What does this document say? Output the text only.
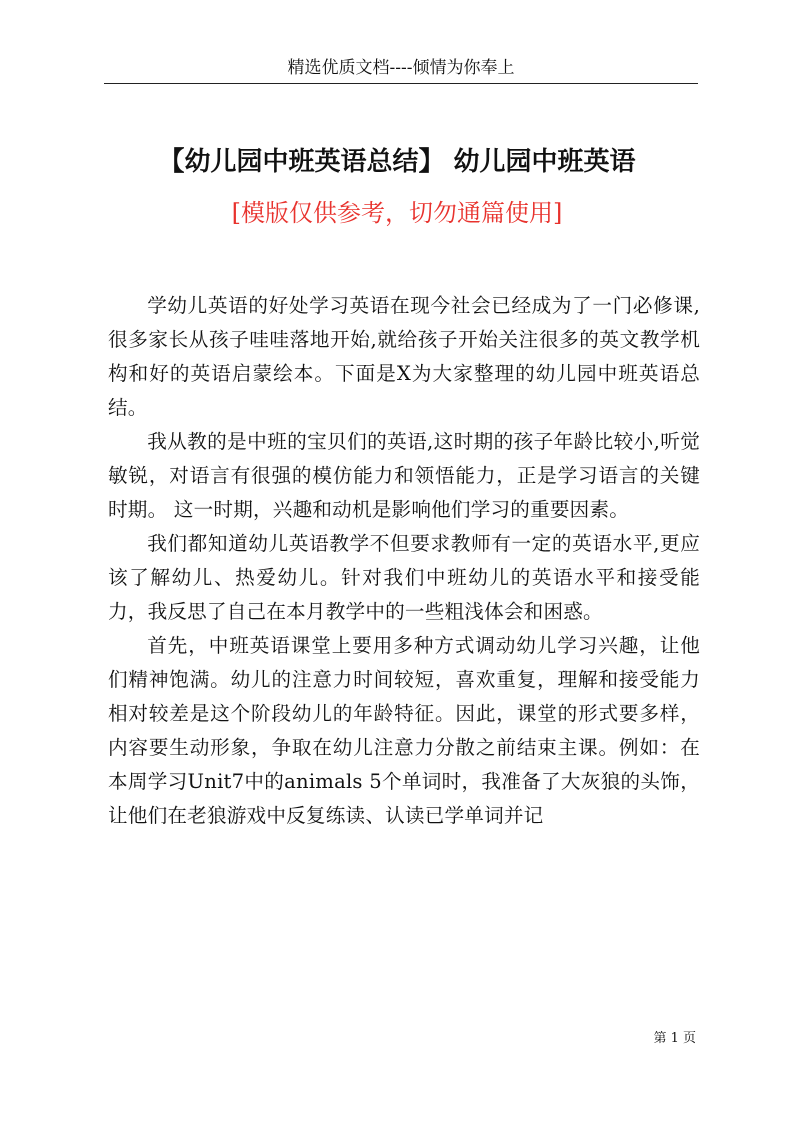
精选优质文档----倾情为你奉上
【幼儿园中班英语总结】 幼儿园中班英语
[模版仅供参考，切勿通篇使用]

学幼儿英语的好处学习英语在现今社会已经成为了一门必修课,很多家长从孩子哇哇落地开始,就给孩子开始关注很多的英文教学机构和好的英语启蒙绘本。下面是X为大家整理的幼儿园中班英语总结。

我从教的是中班的宝贝们的英语,这时期的孩子年龄比较小,听觉敏锐，对语言有很强的模仿能力和领悟能力，正是学习语言的关键时期。 这一时期，兴趣和动机是影响他们学习的重要因素。

我们都知道幼儿英语教学不但要求教师有一定的英语水平,更应该了解幼儿、热爱幼儿。针对我们中班幼儿的英语水平和接受能力，我反思了自己在本月教学中的一些粗浅体会和困惑。

首先，中班英语课堂上要用多种方式调动幼儿学习兴趣，让他们精神饱满。幼儿的注意力时间较短，喜欢重复，理解和接受能力相对较差是这个阶段幼儿的年龄特征。因此，课堂的形式要多样，内容要生动形象，争取在幼儿注意力分散之前结束主课。例如：在本周学习Unit7中的animals 5个单词时，我准备了大灰狼的头饰，让他们在老狼游戏中反复练读、认读已学单词并记

第 1 页
